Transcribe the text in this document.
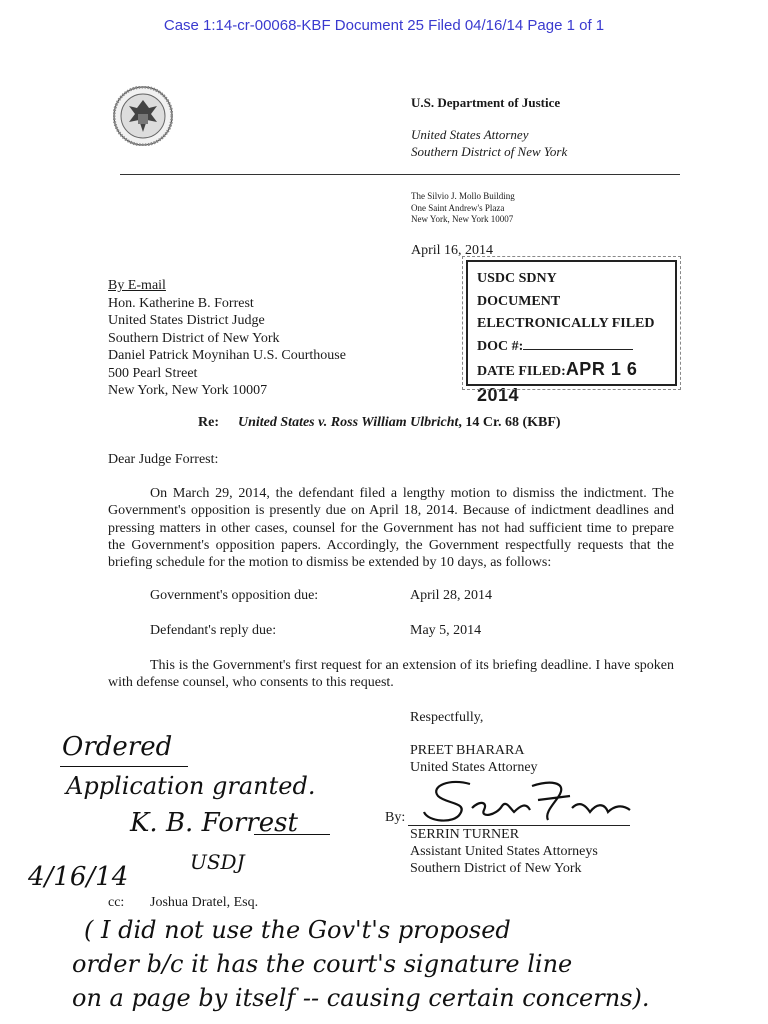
Case 1:14-cr-00068-KBF Document 25 Filed 04/16/14 Page 1 of 1
U.S. Department of Justice
United States Attorney
Southern District of New York
The Silvio J. Mollo Building
One Saint Andrew's Plaza
New York, New York 10007
April 16, 2014
USDC SDNY
DOCUMENT
ELECTRONICALLY FILED
DOC #:
DATE FILED:APR 1 6 2014
By E-mail
Hon. Katherine B. Forrest
United States District Judge
Southern District of New York
Daniel Patrick Moynihan U.S. Courthouse
500 Pearl Street
New York, New York 10007
Re: United States v. Ross William Ulbricht, 14 Cr. 68 (KBF)
Dear Judge Forrest:
On March 29, 2014, the defendant filed a lengthy motion to dismiss the indictment. The Government's opposition is presently due on April 18, 2014. Because of indictment deadlines and pressing matters in other cases, counsel for the Government has not had sufficient time to prepare the Government's opposition papers. Accordingly, the Government respectfully requests that the briefing schedule for the motion to dismiss be extended by 10 days, as follows:
Government's opposition due:	April 28, 2014
Defendant's reply due:	May 5, 2014
This is the Government's first request for an extension of its briefing deadline. I have spoken with defense counsel, who consents to this request.
Respectfully,
PREET BHARARA
United States Attorney
By:
SERRIN TURNER
Assistant United States Attorneys
Southern District of New York
cc: Joshua Dratel, Esq.
Ordered
Application granted.
K. B. Forrest
USDJ
4/16/14
( I did not use the Gov't's proposed
order b/c it has the court's signature line
on a page by itself -- causing certain concerns).
